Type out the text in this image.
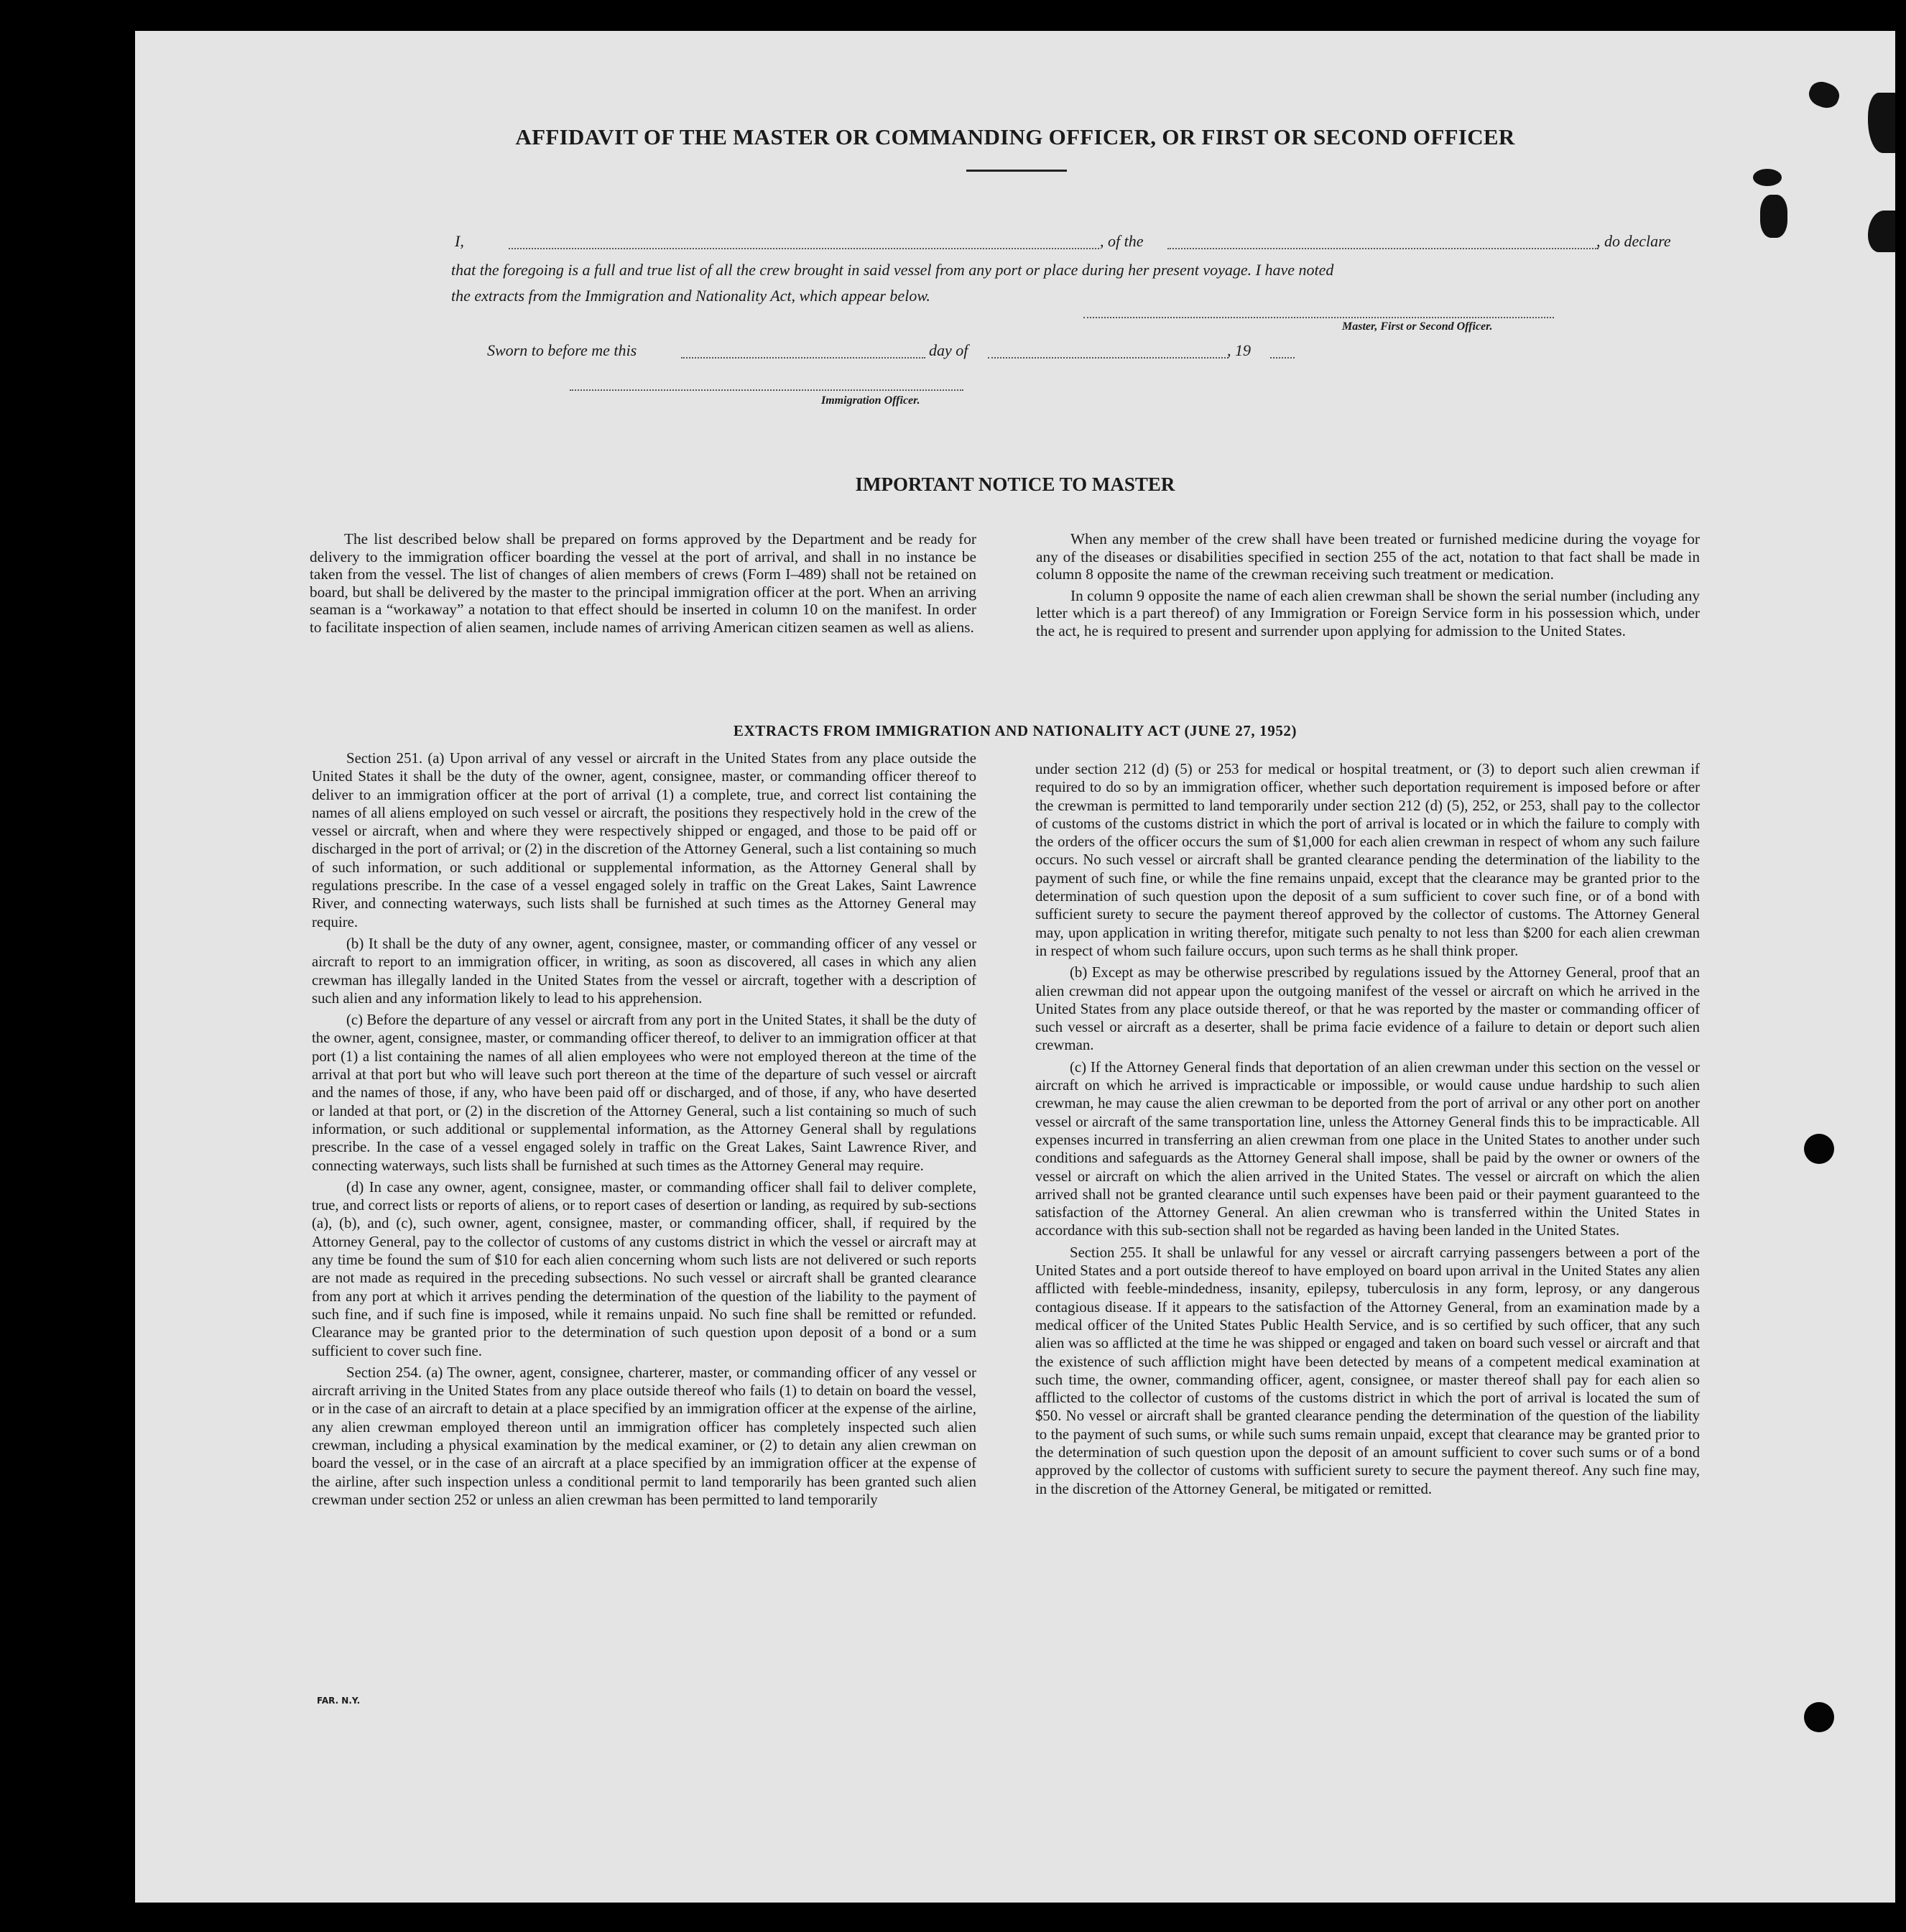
AFFIDAVIT OF THE MASTER OR COMMANDING OFFICER, OR FIRST OR SECOND OFFICER
I,	, of the	, do declare
that the foregoing is a full and true list of all the crew brought in said vessel from any port or place during her present voyage. I have noted
the extracts from the Immigration and Nationality Act, which appear below.
Master, First or Second Officer.
Sworn to before me this	day of	, 19
Immigration Officer.
IMPORTANT NOTICE TO MASTER

The list described below shall be prepared on forms approved by the Department and be ready for delivery to the immigration officer boarding the vessel at the port of arrival, and shall in no instance be taken from the vessel. The list of changes of alien members of crews (Form I–489) shall not be retained on board, but shall be delivered by the master to the principal immigration officer at the port. When an arriving seaman is a “workaway” a notation to that effect should be inserted in column 10 on the manifest. In order to facilitate inspection of alien seamen, include names of arriving American citizen seamen as well as aliens.

When any member of the crew shall have been treated or furnished medicine during the voyage for any of the diseases or disabilities specified in section 255 of the act, notation to that fact shall be made in column 8 opposite the name of the crewman receiving such treatment or medication.

In column 9 opposite the name of each alien crewman shall be shown the serial number (including any letter which is a part thereof) of any Immigration or Foreign Service form in his possession which, under the act, he is required to present and surrender upon applying for admission to the United States.

EXTRACTS FROM IMMIGRATION AND NATIONALITY ACT (JUNE 27, 1952)

Section 251. (a) Upon arrival of any vessel or aircraft in the United States from any place outside the United States it shall be the duty of the owner, agent, consignee, master, or commanding officer thereof to deliver to an immigration officer at the port of arrival (1) a complete, true, and correct list containing the names of all aliens employed on such vessel or aircraft, the positions they respectively hold in the crew of the vessel or aircraft, when and where they were respectively shipped or engaged, and those to be paid off or discharged in the port of arrival; or (2) in the discretion of the Attorney General, such a list containing so much of such information, or such additional or supplemental information, as the Attorney General shall by regulations prescribe. In the case of a vessel engaged solely in traffic on the Great Lakes, Saint Lawrence River, and connecting waterways, such lists shall be furnished at such times as the Attorney General may require.

(b) It shall be the duty of any owner, agent, consignee, master, or commanding officer of any vessel or aircraft to report to an immigration officer, in writing, as soon as discovered, all cases in which any alien crewman has illegally landed in the United States from the vessel or aircraft, together with a description of such alien and any information likely to lead to his apprehension.

(c) Before the departure of any vessel or aircraft from any port in the United States, it shall be the duty of the owner, agent, consignee, master, or commanding officer thereof, to deliver to an immigration officer at that port (1) a list containing the names of all alien employees who were not employed thereon at the time of the arrival at that port but who will leave such port thereon at the time of the departure of such vessel or aircraft and the names of those, if any, who have been paid off or discharged, and of those, if any, who have deserted or landed at that port, or (2) in the discretion of the Attorney General, such a list containing so much of such information, or such additional or supplemental information, as the Attorney General shall by regulations prescribe. In the case of a vessel engaged solely in traffic on the Great Lakes, Saint Lawrence River, and connecting waterways, such lists shall be furnished at such times as the Attorney General may require.

(d) In case any owner, agent, consignee, master, or commanding officer shall fail to deliver complete, true, and correct lists or reports of aliens, or to report cases of desertion or landing, as required by sub-sections (a), (b), and (c), such owner, agent, consignee, master, or commanding officer, shall, if required by the Attorney General, pay to the collector of customs of any customs district in which the vessel or aircraft may at any time be found the sum of $10 for each alien concerning whom such lists are not delivered or such reports are not made as required in the preceding subsections. No such vessel or aircraft shall be granted clearance from any port at which it arrives pending the determination of the question of the liability to the payment of such fine, and if such fine is imposed, while it remains unpaid. No such fine shall be remitted or refunded. Clearance may be granted prior to the determination of such question upon deposit of a bond or a sum sufficient to cover such fine.

Section 254. (a) The owner, agent, consignee, charterer, master, or commanding officer of any vessel or aircraft arriving in the United States from any place outside thereof who fails (1) to detain on board the vessel, or in the case of an aircraft to detain at a place specified by an immigration officer at the expense of the airline, any alien crewman employed thereon until an immigration officer has completely inspected such alien crewman, including a physical examination by the medical examiner, or (2) to detain any alien crewman on board the vessel, or in the case of an aircraft at a place specified by an immigration officer at the expense of the airline, after such inspection unless a conditional permit to land temporarily has been granted such alien crewman under section 252 or unless an alien crewman has been permitted to land temporarily

under section 212 (d) (5) or 253 for medical or hospital treatment, or (3) to deport such alien crewman if required to do so by an immigration officer, whether such deportation requirement is imposed before or after the crewman is permitted to land temporarily under section 212 (d) (5), 252, or 253, shall pay to the collector of customs of the customs district in which the port of arrival is located or in which the failure to comply with the orders of the officer occurs the sum of $1,000 for each alien crewman in respect of whom any such failure occurs. No such vessel or aircraft shall be granted clearance pending the determination of the liability to the payment of such fine, or while the fine remains unpaid, except that the clearance may be granted prior to the determination of such question upon the deposit of a sum sufficient to cover such fine, or of a bond with sufficient surety to secure the payment thereof approved by the collector of customs. The Attorney General may, upon application in writing therefor, mitigate such penalty to not less than $200 for each alien crewman in respect of whom such failure occurs, upon such terms as he shall think proper.

(b) Except as may be otherwise prescribed by regulations issued by the Attorney General, proof that an alien crewman did not appear upon the outgoing manifest of the vessel or aircraft on which he arrived in the United States from any place outside thereof, or that he was reported by the master or commanding officer of such vessel or aircraft as a deserter, shall be prima facie evidence of a failure to detain or deport such alien crewman.

(c) If the Attorney General finds that deportation of an alien crewman under this section on the vessel or aircraft on which he arrived is impracticable or impossible, or would cause undue hardship to such alien crewman, he may cause the alien crewman to be deported from the port of arrival or any other port on another vessel or aircraft of the same transportation line, unless the Attorney General finds this to be impracticable. All expenses incurred in transferring an alien crewman from one place in the United States to another under such conditions and safeguards as the Attorney General shall impose, shall be paid by the owner or owners of the vessel or aircraft on which the alien arrived in the United States. The vessel or aircraft on which the alien arrived shall not be granted clearance until such expenses have been paid or their payment guaranteed to the satisfaction of the Attorney General. An alien crewman who is transferred within the United States in accordance with this sub-section shall not be regarded as having been landed in the United States.

Section 255. It shall be unlawful for any vessel or aircraft carrying passengers between a port of the United States and a port outside thereof to have employed on board upon arrival in the United States any alien afflicted with feeble-mindedness, insanity, epilepsy, tuberculosis in any form, leprosy, or any dangerous contagious disease. If it appears to the satisfaction of the Attorney General, from an examination made by a medical officer of the United States Public Health Service, and is so certified by such officer, that any such alien was so afflicted at the time he was shipped or engaged and taken on board such vessel or aircraft and that the existence of such affliction might have been detected by means of a competent medical examination at such time, the owner, commanding officer, agent, consignee, or master thereof shall pay for each alien so afflicted to the collector of customs of the customs district in which the port of arrival is located the sum of $50. No vessel or aircraft shall be granted clearance pending the determination of the question of the liability to the payment of such sums, or while such sums remain unpaid, except that clearance may be granted prior to the determination of such question upon the deposit of an amount sufficient to cover such sums or of a bond approved by the collector of customs with sufficient surety to secure the payment thereof. Any such fine may, in the discretion of the Attorney General, be mitigated or remitted.

FAR. N.Y.
